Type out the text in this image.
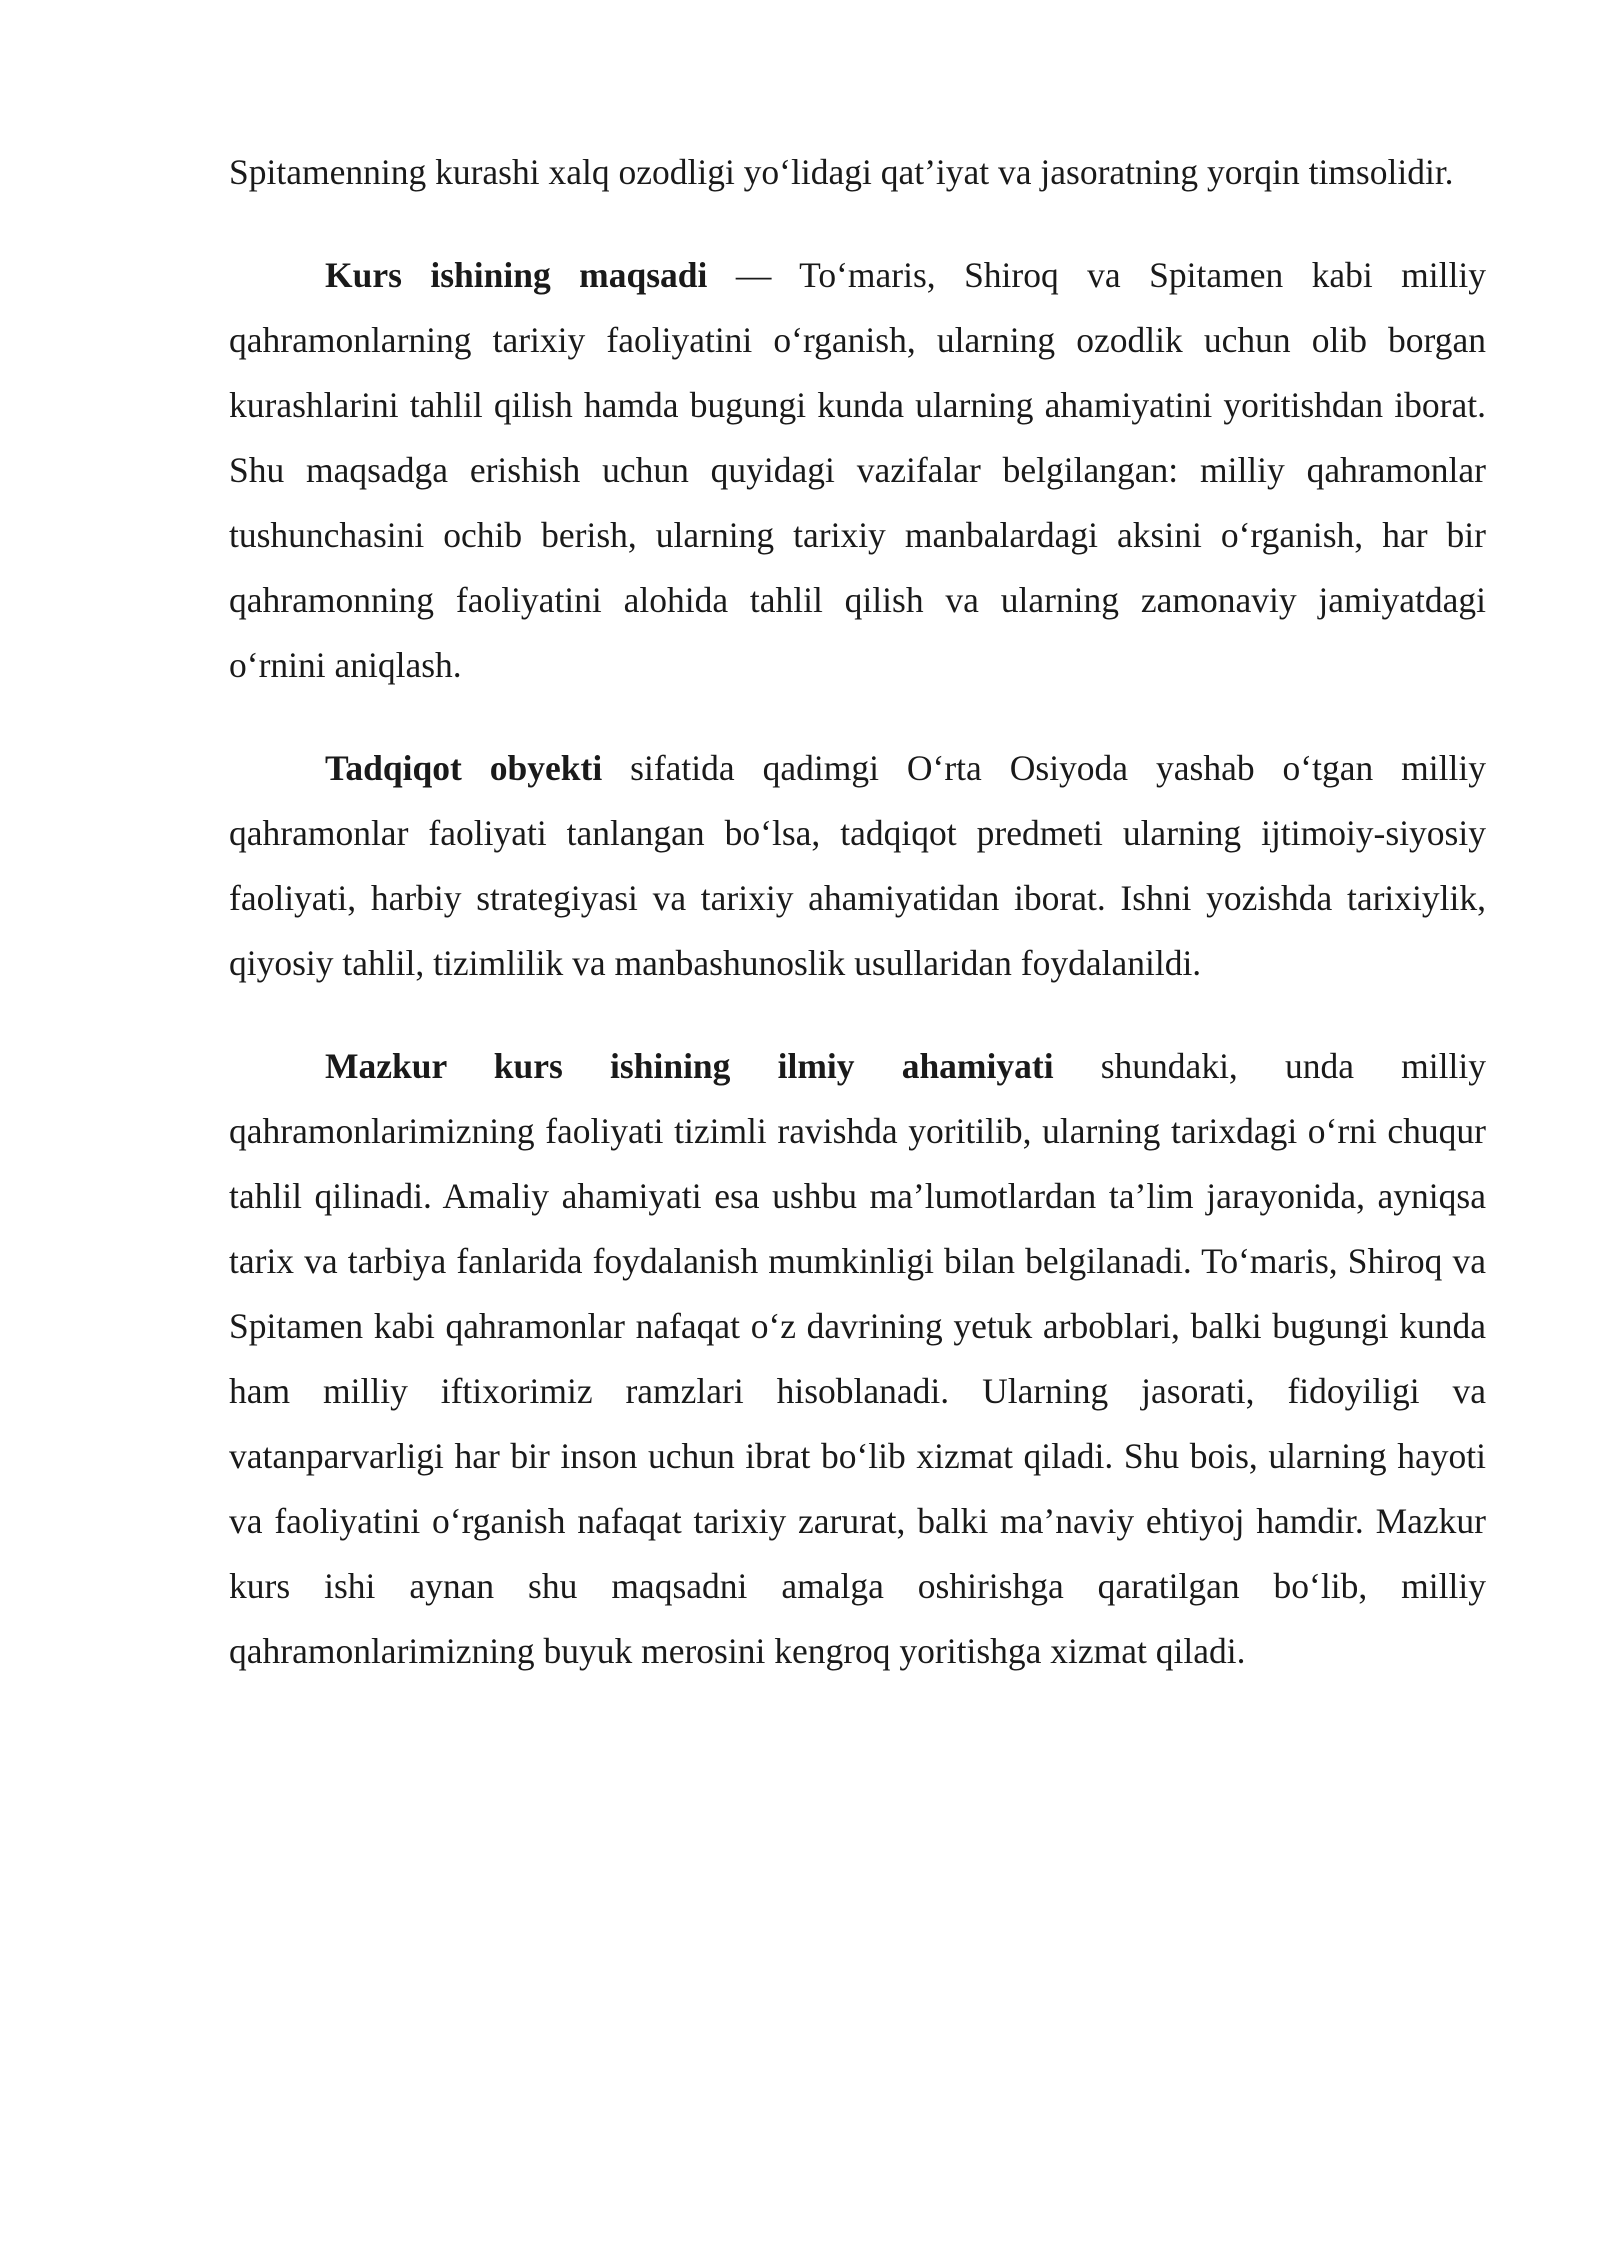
Spitamenning kurashi xalq ozodligi yo‘lidagi qat’iyat va jasoratning yorqin timsolidir.

Kurs ishining maqsadi — To‘maris, Shiroq va Spitamen kabi milliy qahramonlarning tarixiy faoliyatini o‘rganish, ularning ozodlik uchun olib borgan kurashlarini tahlil qilish hamda bugungi kunda ularning ahamiyatini yoritishdan iborat. Shu maqsadga erishish uchun quyidagi vazifalar belgilangan: milliy qahramonlar tushunchasini ochib berish, ularning tarixiy manbalardagi aksini o‘rganish, har bir qahramonning faoliyatini alohida tahlil qilish va ularning zamonaviy jamiyatdagi o‘rnini aniqlash.

Tadqiqot obyekti sifatida qadimgi O‘rta Osiyoda yashab o‘tgan milliy qahramonlar faoliyati tanlangan bo‘lsa, tadqiqot predmeti ularning ijtimoiy-siyosiy faoliyati, harbiy strategiyasi va tarixiy ahamiyatidan iborat. Ishni yozishda tarixiylik, qiyosiy tahlil, tizimlilik va manbashunoslik usullaridan foydalanildi.

Mazkur kurs ishining ilmiy ahamiyati shundaki, unda milliy qahramonlarimizning faoliyati tizimli ravishda yoritilib, ularning tarixdagi o‘rni chuqur tahlil qilinadi. Amaliy ahamiyati esa ushbu ma’lumotlardan ta’lim jarayonida, ayniqsa tarix va tarbiya fanlarida foydalanish mumkinligi bilan belgilanadi. To‘maris, Shiroq va Spitamen kabi qahramonlar nafaqat o‘z davrining yetuk arboblari, balki bugungi kunda ham milliy iftixorimiz ramzlari hisoblanadi. Ularning jasorati, fidoyiligi va vatanparvarligi har bir inson uchun ibrat bo‘lib xizmat qiladi. Shu bois, ularning hayoti va faoliyatini o‘rganish nafaqat tarixiy zarurat, balki ma’naviy ehtiyoj hamdir. Mazkur kurs ishi aynan shu maqsadni amalga oshirishga qaratilgan bo‘lib, milliy qahramonlarimizning buyuk merosini kengroq yoritishga xizmat qiladi.
